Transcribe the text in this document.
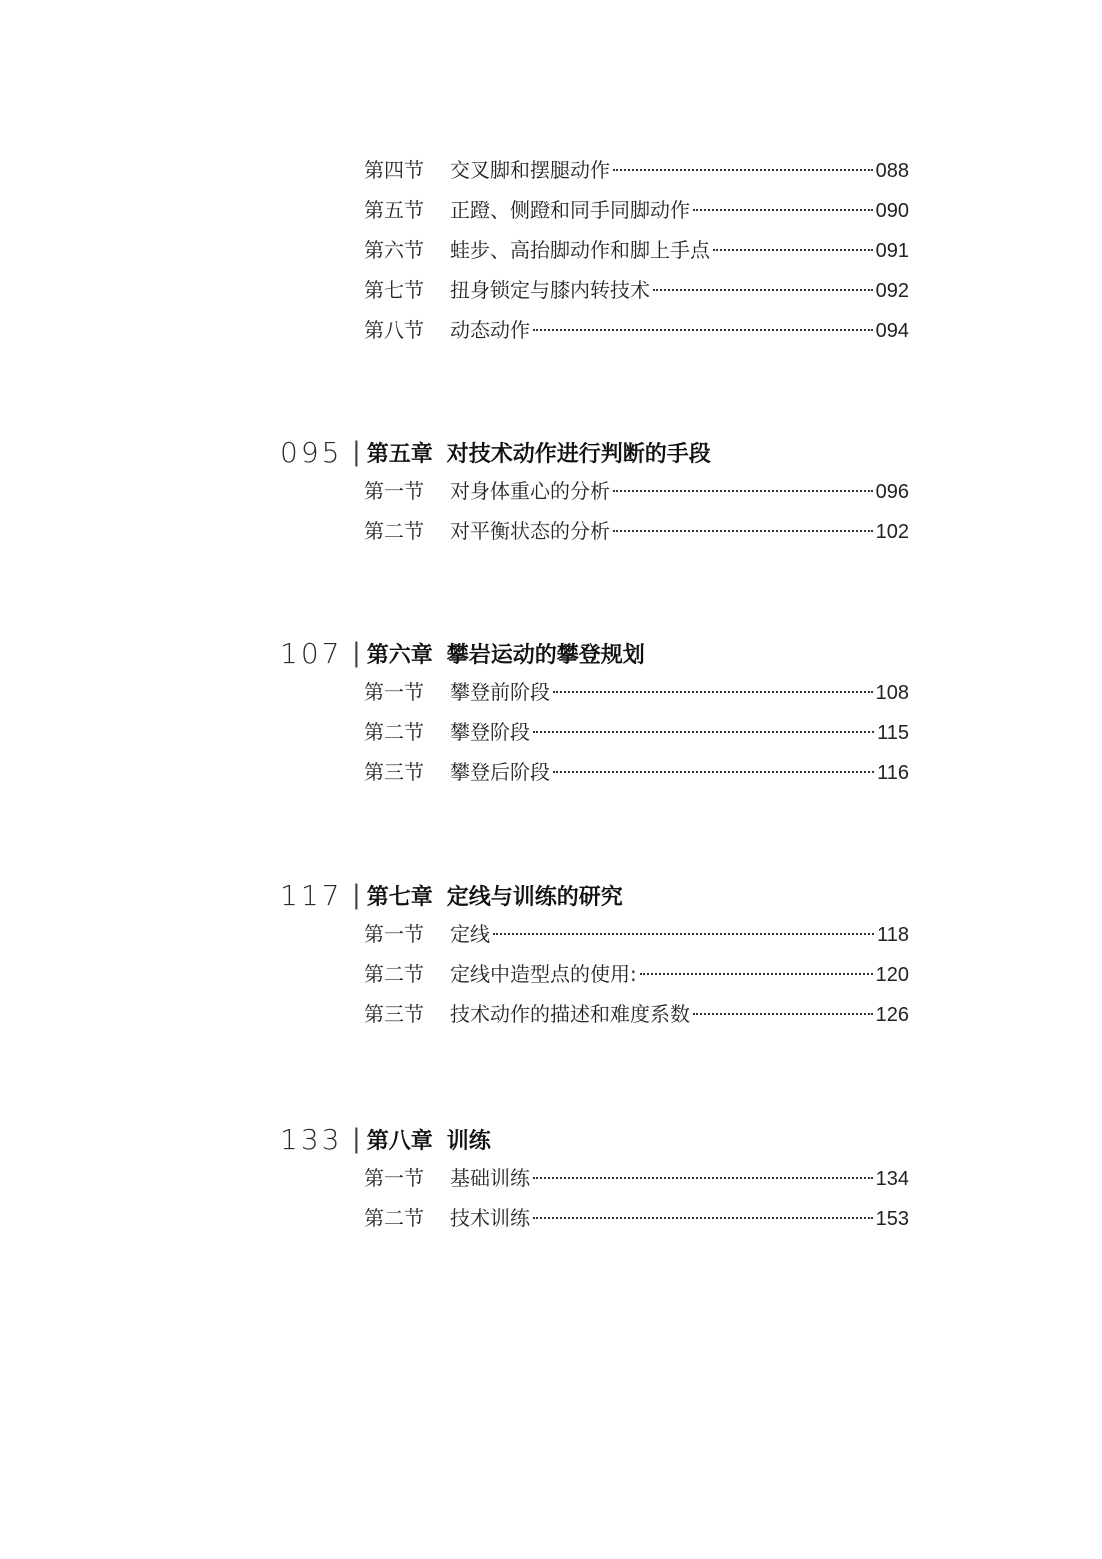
第四节	交叉脚和摆腿动作	088
第五节	正蹬、侧蹬和同手同脚动作	090
第六节	蛙步、高抬脚动作和脚上手点	091
第七节	扭身锁定与膝内转技术	092
第八节	动态动作	094
095 | 第五章 对技术动作进行判断的手段
第一节	对身体重心的分析	096
第二节	对平衡状态的分析	102
107 | 第六章 攀岩运动的攀登规划
第一节	攀登前阶段	108
第二节	攀登阶段	115
第三节	攀登后阶段	116
117 | 第七章 定线与训练的研究
第一节	定线	118
第二节	定线中造型点的使用:	120
第三节	技术动作的描述和难度系数	126
133 | 第八章 训练
第一节	基础训练	134
第二节	技术训练	153
